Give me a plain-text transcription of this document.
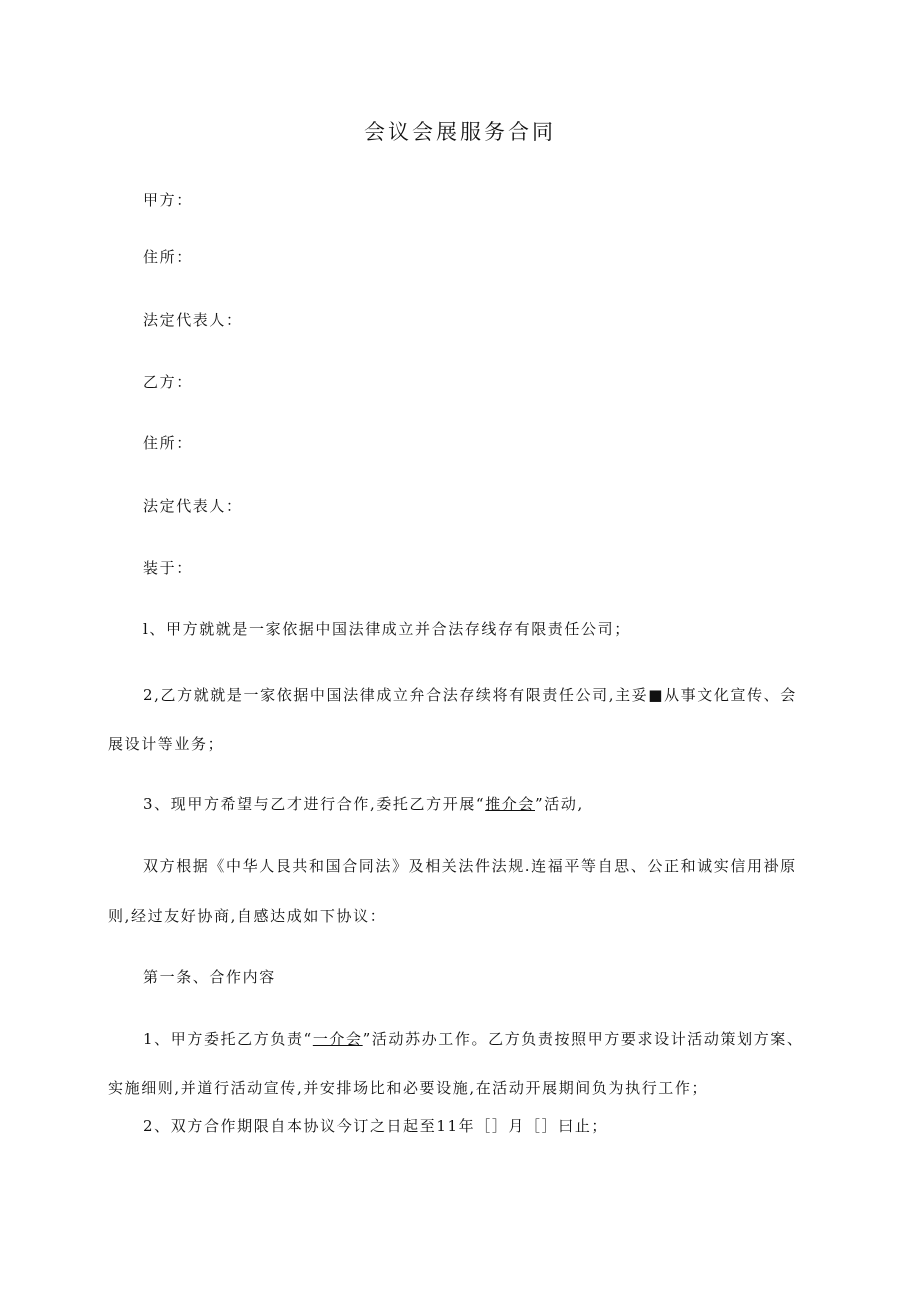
会议会展服务合同

甲方：

住所：

法定代表人：

乙方：

住所：

法定代表人：

装于：

l、甲方就就是一家依据中国法律成立并合法存线存有限责任公司；

2,乙方就就是一家依据中国法律成立弁合法存续将有限责任公司,主妥■从事文化宣传、会

展设计等业务；

3、现甲方希望与乙才进行合作,委托乙方开展“推介会”活动,

双方根据《中华人艮共和国合同法》及相关法件法规.连福平等自思、公正和诚实信用褂原

则,经过友好协商,自感达成如下协议：

第一条、合作内容

1、甲方委托乙方负责“一介会”活动苏办工作。乙方负责按照甲方要求设计活动策划方案、

实施细则,并道行活动宣传,并安排场比和必要设施,在活动开展期间负为执行工作；

2、双方合作期限自本协议今订之日起至11年［］月［］曰止；
